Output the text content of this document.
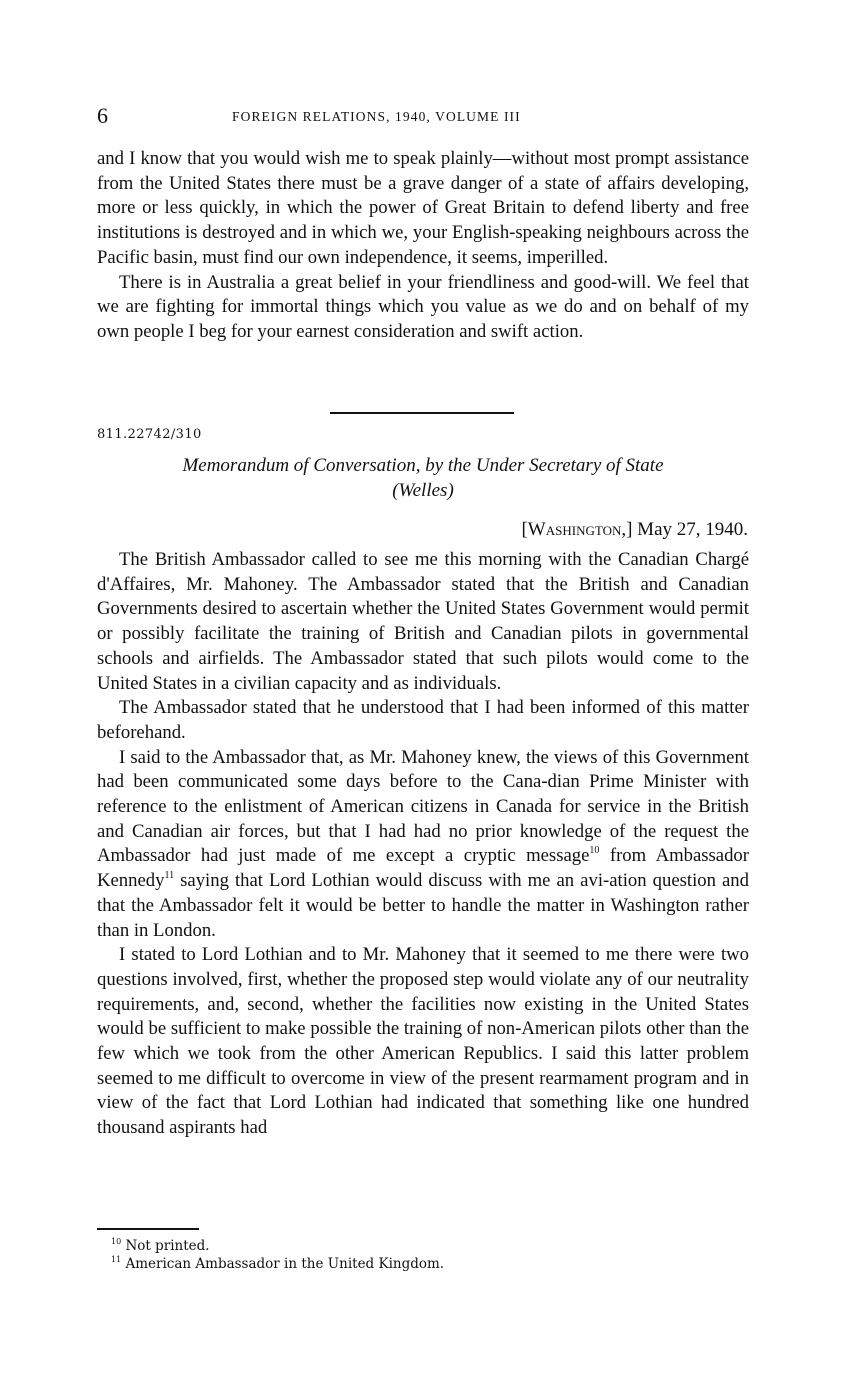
6	FOREIGN RELATIONS, 1940, VOLUME III

and I know that you would wish me to speak plainly—without most prompt assistance from the United States there must be a grave danger of a state of affairs developing, more or less quickly, in which the power of Great Britain to defend liberty and free institutions is destroyed and in which we, your English-speaking neighbours across the Pacific basin, must find our own independence, it seems, imperilled.

There is in Australia a great belief in your friendliness and good-will. We feel that we are fighting for immortal things which you value as we do and on behalf of my own people I beg for your earnest consideration and swift action.

811.22742/310
Memorandum of Conversation, by the Under Secretary of State
(Welles)
[Washington,] May 27, 1940.

The British Ambassador called to see me this morning with the Canadian Chargé d'Affaires, Mr. Mahoney. The Ambassador stated that the British and Canadian Governments desired to ascertain whether the United States Government would permit or possibly facilitate the training of British and Canadian pilots in governmental schools and airfields. The Ambassador stated that such pilots would come to the United States in a civilian capacity and as individuals.

The Ambassador stated that he understood that I had been informed of this matter beforehand.

I said to the Ambassador that, as Mr. Mahoney knew, the views of this Government had been communicated some days before to the Cana-dian Prime Minister with reference to the enlistment of American citizens in Canada for service in the British and Canadian air forces, but that I had had no prior knowledge of the request the Ambassador had just made of me except a cryptic message$^{10}$ from Ambassador Kennedy$^{11}$ saying that Lord Lothian would discuss with me an avi-ation question and that the Ambassador felt it would be better to handle the matter in Washington rather than in London.

I stated to Lord Lothian and to Mr. Mahoney that it seemed to me there were two questions involved, first, whether the proposed step would violate any of our neutrality requirements, and, second, whether the facilities now existing in the United States would be sufficient to make possible the training of non-American pilots other than the few which we took from the other American Republics. I said this latter problem seemed to me difficult to overcome in view of the present rearmament program and in view of the fact that Lord Lothian had indicated that something like one hundred thousand aspirants had

$^{10}$ Not printed.
$^{11}$ American Ambassador in the United Kingdom.
